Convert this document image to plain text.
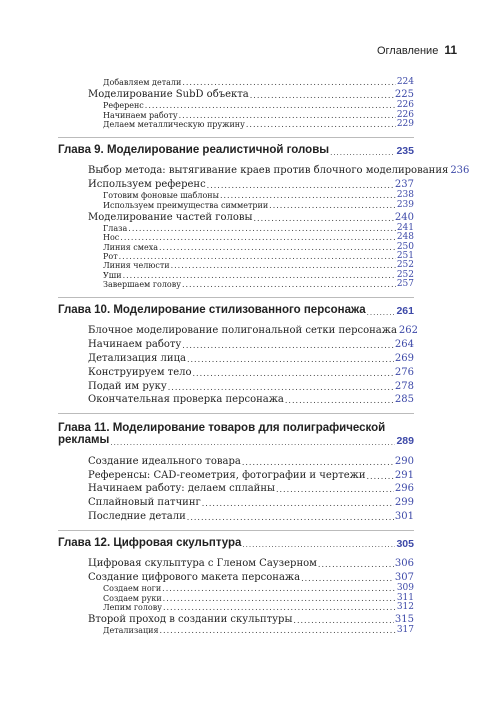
Оглавление 11
Добавляем детали .....	224
Моделирование SubD объекта .....	225
Референс .....	226
Начинаем работу .....	226
Делаем металлическую пружину .....	229
Глава 9. Моделирование реалистичной головы .....	235
Выбор метода: вытягивание краев против блочного моделирования 236
Используем референс .....	237
Готовим фоновые шаблоны .....	238
Используем преимущества симметрии .....	239
Моделирование частей головы .....	240
Глаза .....	241
Нос .....	248
Линия смеха .....	250
Рот .....	251
Линия челюсти .....	252
Уши .....	252
Завершаем голову .....	257
Глава 10. Моделирование стилизованного персонажа .....	261
Блочное моделирование полигональной сетки персонажа 262
Начинаем работу .....	264
Детализация лица .....	269
Конструируем тело .....	276
Подай им руку .....	278
Окончательная проверка персонажа .....	285
Глава 11. Моделирование товаров для полиграфической
рекламы .....	289
Создание идеального товара .....	290
Референсы: CAD-геометрия, фотографии и чертежи .....	291
Начинаем работу: делаем сплайны .....	296
Сплайновый патчинг .....	299
Последние детали .....	301
Глава 12. Цифровая скульптура .....	305
Цифровая скульптура с Гленом Саузерном .....	306
Создание цифрового макета персонажа .....	307
Создаем ноги .....	309
Создаем руки .....	311
Лепим голову .....	312
Второй проход в создании скульптуры .....	315
Детализация .....	317
